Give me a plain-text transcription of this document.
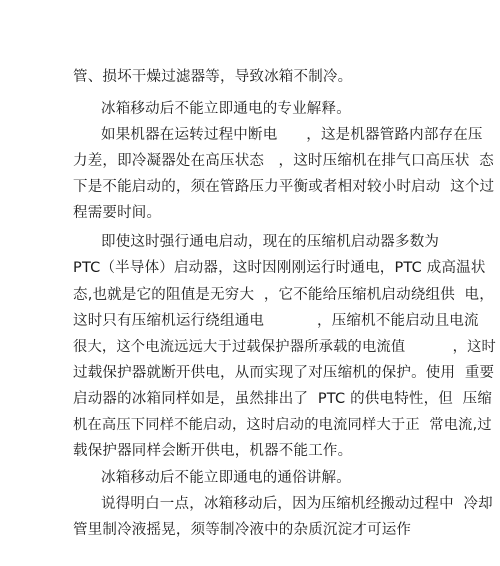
管、损坏干燥过滤器等，导致冰箱不制冷。
冰箱移动后不能立即通电的专业解释。
如果机器在运转过程中断电      ，这是机器管路内部存在压
力差，即冷凝器处在高压状态   ，这时压缩机在排气口高压状  态
下是不能启动的，须在管路压力平衡或者相对较小时启动  这个过
程需要时间。
即使这时强行通电启动，现在的压缩机启动器多数为
PTC（半导体）启动器，这时因刚刚运行时通电，PTC 成高温状
态,也就是它的阻值是无穷大  ，它不能给压缩机启动绕组供  电，
这时只有压缩机运行绕组通电           ，压缩机不能启动且电流
很大，这个电流远远大于过载保护器所承载的电流值          ，这时
过载保护器就断开供电，从而实现了对压缩机的保护。使用  重要
启动器的冰箱同样如是，虽然排出了  PTC 的供电特性，但  压缩
机在高压下同样不能启动，这时启动的电流同样大于正  常电流,过
载保护器同样会断开供电，机器不能工作。
冰箱移动后不能立即通电的通俗讲解。
说得明白一点，冰箱移动后，因为压缩机经搬动过程中  冷却
管里制冷液摇晃，须等制冷液中的杂质沉淀才可运作
